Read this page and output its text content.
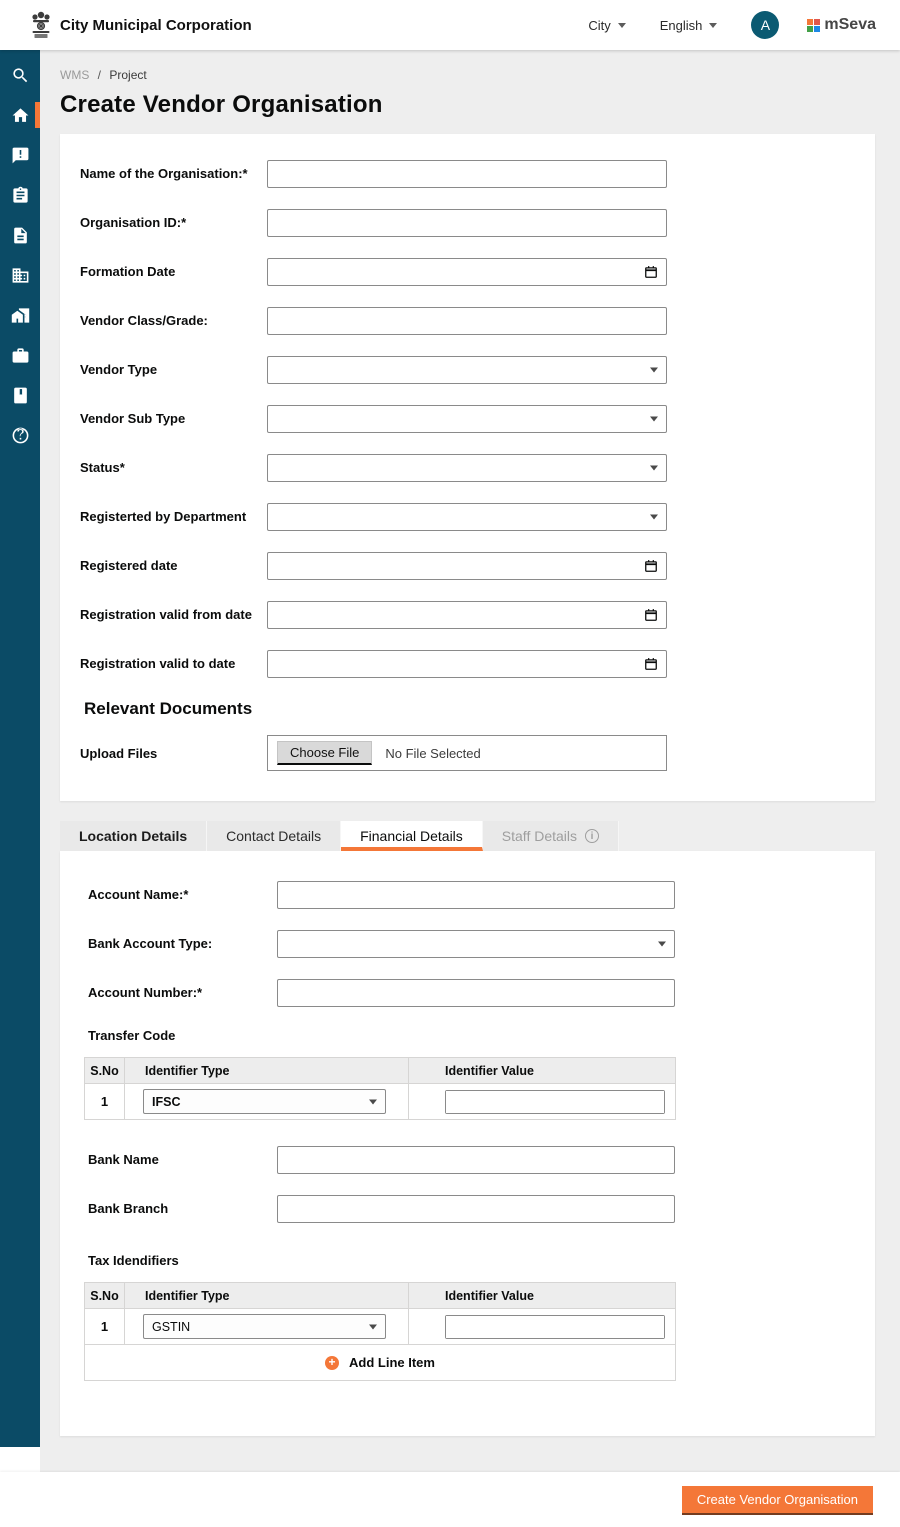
City Municipal Corporation	City	English	A	mSeva
WMS / Project
Create Vendor Organisation
Name of the Organisation:*
Organisation ID:*
Formation Date
Vendor Class/Grade:
Vendor Type
Vendor Sub Type
Status*
Registerted by Department
Registered date
Registration valid from date
Registration valid to date
Relevant Documents
Upload Files	Choose File	No File Selected
Location Details	Contact Details	Financial Details	Staff Details	i
Account Name:*
Bank Account Type:
Account Number:*
Transfer Code
S.No	Identifier Type	Identifier Value
1	IFSC

Bank Name
Bank Branch
Tax Idendifiers
S.No	Identifier Type	Identifier Value
1	GSTIN

+ Add Line Item		
Create Vendor Organisation
